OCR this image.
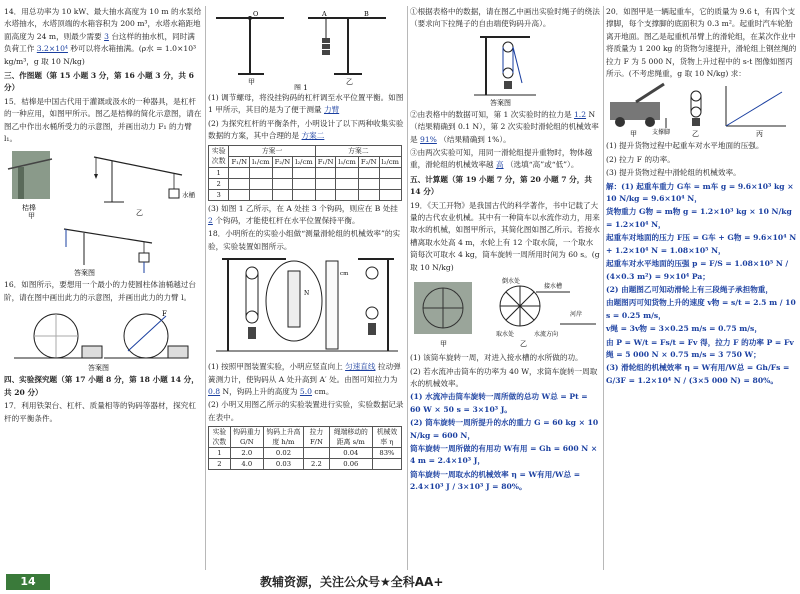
14．用总功率为 10 kW、最大抽水高度为 10 m 的水泵给水塔抽水，水塔顶端的水箱容积为 200 m³，水塔水箱距地面高度为 24 m，则最少需要 3 台这样的抽水机，同时满负荷工作 3.2×10⁴ 秒可以将水箱抽满。(ρ水 = 1.0×10³ kg/m³，g 取 10 N/kg)

三、作图题（第 15 小题 3 分，第 16 小题 3 分，共 6 分）

15．桔槔是中国古代用于灌溉或汲水的一种器具，是杠杆的一种应用，如图甲所示。图乙是桔槔的简化示意图，请在图乙中作出水桶所受力的示意图，并画出动力 F₁ 的力臂 l₁。

桔槔
甲
水桶
乙
答案图

16．如图所示，要想用一个最小的力使圆柱体油桶越过台阶，请在图中画出此力的示意图，并画出此力的力臂 l。

F
答案图

四、实验探究题（第 17 小题 8 分，第 18 小题 14 分，共 20 分）

17．利用铁架台、杠杆、质量相等的钩码等器材，探究杠杆的平衡条件。

O	A	B
甲	乙
图 1

(1) 调节螺母，将没挂钩码的杠杆调至水平位置平衡。如图 1 甲所示，其目的是为了便于测量 力臂

(2) 为探究杠杆的平衡条件，小明设计了以下两种收集实验数据的方案，其中合理的是 方案二

实验次数	方案一				方案二			
	F₁/N	l₁/cm	F₂/N	l₂/cm	F₁/N	l₁/cm	F₂/N	l₂/cm
1								
2								
3								

(3) 如图 1 乙所示，在 A 处挂 3 个钩码，则应在 B 处挂 2 个钩码，才能使杠杆在水平位置保持平衡。

18．小明所在的实验小组做“测量滑轮组的机械效率”的实验，实验装置如图所示。

N
cm

(1) 按照甲图装置实验，小明应竖直向上 匀速直线 拉动弹簧测力计，使钩码从 A 处升高到 A′ 处。由图可知拉力为 0.8 N，钩码上升的高度为 5.0 cm。

(2) 小明又用图乙所示的实验装置进行实验，实验数据记录在表中。

实验次数	钩码重力 G/N	钩码上升高度 h/m	拉力 F/N	绳端移动的距离 s/m	机械效率 η
1	2.0	0.02		0.04	83%
2	4.0	0.03	2.2	0.06	

①根据表格中的数据，请在图乙中画出实验时绳子的绕法（要求向下拉绳子的自由端使钩码升高）。

答案图

②由表格中的数据可知，第 1 次实验时的拉力是 1.2 N（结果精确到 0.1 N），第 2 次实验时滑轮组的机械效率是 91% （结果精确到 1%）。

③由两次实验可知，用同一滑轮组提升重物时，物体越重，滑轮组的机械效率越 高 （选填“高”或“低”）。

五、计算题（第 19 小题 7 分，第 20 小题 7 分，共 14 分）

19．《天工开物》是我国古代的科学著作，书中记载了大量的古代农业机械。其中有一种筒车以水流作动力，用来取水的机械，如图甲所示，其简化图如图乙所示。若接水槽离取水处高 4 m，水轮上有 12 个取水筒，一个取水筒每次可取水 4 kg，筒车旋转一周所用时间为 60 s。(g 取 10 N/kg)

倒水处
接水槽
河岸
取水处	水流方向
甲	乙

(1) 该筒车旋转一周，对进入接水槽的水所做的功。

(2) 若水流冲击筒车的功率为 40 W，求筒车旋转一周取水的机械效率。

(1) 水流冲击筒车旋转一周所做的总功 W总 = Pt = 60 W × 50 s = 3×10³ J。

(2) 筒车旋转一周所提升的水的重力 G = 60 kg × 10 N/kg = 600 N，

筒车旋转一周所做的有用功 W有用 = Gh = 600 N × 4 m = 2.4×10³ J，

筒车旋转一周取水的机械效率 η = W有用/W总 = 2.4×10³ J / 3×10³ J = 80%。

20．如图甲是一辆起重车，它的质量为 9.6 t，有四个支撑脚，每个支撑脚的底面积为 0.3 m²。起重时汽车轮胎离开地面。图乙是起重机吊臂上的滑轮组，在某次作业中将质量为 1 200 kg 的货物匀速提升，滑轮组上钢丝绳的拉力 F 为 5 000 N，货物上升过程中的 s-t 图像如图丙所示。(不考虑绳重，g 取 10 N/kg) 求：

支撑脚
甲	乙	丙

(1) 提升货物过程中起重车对水平地面的压强。

(2) 拉力 F 的功率。

(3) 提升货物过程中滑轮组的机械效率。

解：(1) 起重车重力 G车 = m车 g = 9.6×10³ kg × 10 N/kg = 9.6×10⁴ N，

货物重力 G物 = m物 g = 1.2×10³ kg × 10 N/kg = 1.2×10⁴ N，

起重车对地面的压力 F压 = G车 + G物 = 9.6×10⁴ N + 1.2×10⁴ N = 1.08×10⁵ N，

起重车对水平地面的压强 p = F/S = 1.08×10⁵ N / (4×0.3 m²) = 9×10⁴ Pa；

(2) 由题图乙可知动滑轮上有三段绳子承担物重，

由题图丙可知货物上升的速度 v物 = s/t = 2.5 m / 10 s = 0.25 m/s，

v绳 = 3v物 = 3×0.25 m/s = 0.75 m/s，

由 P = W/t = Fs/t = Fv 得，拉力 F 的功率 P = Fv绳 = 5 000 N × 0.75 m/s = 3 750 W；

(3) 滑轮组的机械效率 η = W有用/W总 = Gh/Fs = G/3F = 1.2×10⁴ N / (3×5 000 N) = 80%。

14	教辅资源，关注公众号★全科AA+
